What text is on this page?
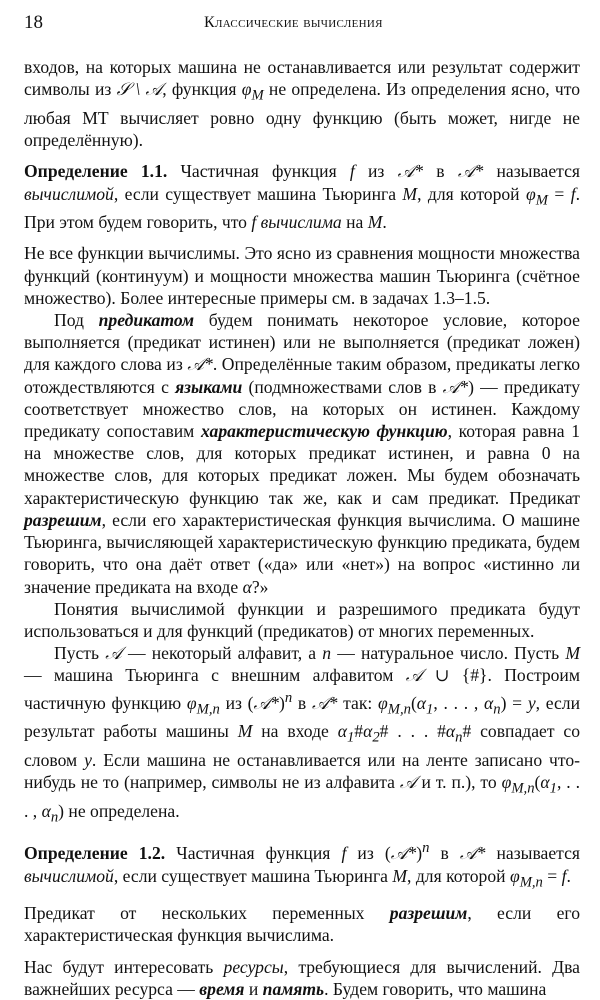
18	Классические вычисления

входов, на которых машина не останавливается или результат содержит символы из 𝒮 \ 𝒜, функция $\varphi_M$ не определена. Из определения ясно, что любая МТ вычисляет ровно одну функцию (быть может, нигде не определённую).

Определение 1.1. Частичная функция f из 𝒜* в 𝒜* называется вычислимой, если существует машина Тьюринга M, для которой $\varphi_M = f$. При этом будем говорить, что f вычислима на M.

Не все функции вычислимы. Это ясно из сравнения мощности множества функций (континуум) и мощности множества машин Тьюринга (счётное множество). Более интересные примеры см. в задачах 1.3–1.5.

Под предикатом будем понимать некоторое условие, которое выполняется (предикат истинен) или не выполняется (предикат ложен) для каждого слова из 𝒜*. Определённые таким образом, предикаты легко отождествляются с языками (подмножествами слов в 𝒜*) — предикату соответствует множество слов, на которых он истинен. Каждому предикату сопоставим характеристическую функцию, которая равна 1 на множестве слов, для которых предикат истинен, и равна 0 на множестве слов, для которых предикат ложен. Мы будем обозначать характеристическую функцию так же, как и сам предикат. Предикат разрешим, если его характеристическая функция вычислима. О машине Тьюринга, вычисляющей характеристическую функцию предиката, будем говорить, что она даёт ответ («да» или «нет») на вопрос «истинно ли значение предиката на входе α?»

Понятия вычислимой функции и разрешимого предиката будут использоваться и для функций (предикатов) от многих переменных.

Пусть 𝒜 — некоторый алфавит, а n — натуральное число. Пусть M — машина Тьюринга с внешним алфавитом 𝒜 ∪ {#}. Построим частичную функцию $\varphi_{M,n}$ из (𝒜*)$^n$ в 𝒜* так: $\varphi_{M,n}(\alpha_1$, . . . , $\alpha_n) = y$, если результат работы машины M на входе $\alpha_1\#\alpha_2\#$ . . . $\#\alpha_n\#$ совпадает со словом y. Если машина не останавливается или на ленте записано что-нибудь не то (например, символы не из алфавита 𝒜 и т. п.), то $\varphi_{M,n}(\alpha_1$, . . . , $\alpha_n$) не определена.

Определение 1.2. Частичная функция f из (𝒜*)$^n$ в 𝒜* называется вычислимой, если существует машина Тьюринга M, для которой $\varphi_{M,n} = f$.

Предикат от нескольких переменных разрешим, если его характеристическая функция вычислима.

Нас будут интересовать ресурсы, требующиеся для вычислений. Два важнейших ресурса — время и память. Будем говорить, что машина
